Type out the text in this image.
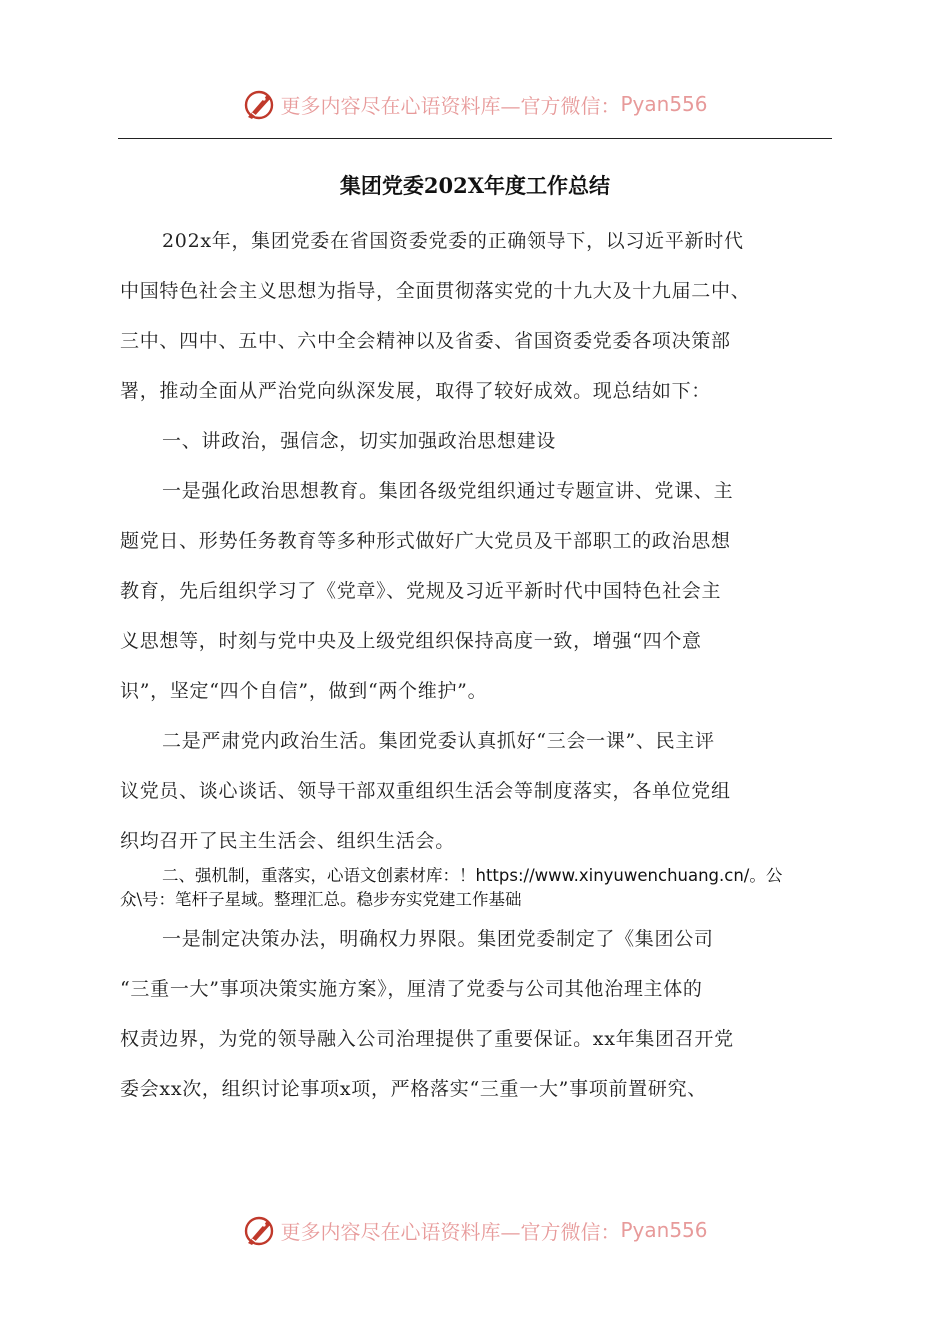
更多内容尽在心语资料库—官方微信： Pyan556
集团党委202X年度工作总结
202x年，集团党委在省国资委党委的正确领导下，以习近平新时代
中国特色社会主义思想为指导，全面贯彻落实党的十九大及十九届二中、
三中、四中、五中、六中全会精神以及省委、省国资委党委各项决策部
署，推动全面从严治党向纵深发展，取得了较好成效。现总结如下：
一、讲政治，强信念，切实加强政治思想建设
一是强化政治思想教育。集团各级党组织通过专题宣讲、党课、主
题党日、形势任务教育等多种形式做好广大党员及干部职工的政治思想
教育，先后组织学习了《党章》、党规及习近平新时代中国特色社会主
义思想等，时刻与党中央及上级党组织保持高度一致，增强“四个意
识”，坚定“四个自信”，做到“两个维护”。
二是严肃党内政治生活。集团党委认真抓好“三会一课”、民主评
议党员、谈心谈话、领导干部双重组织生活会等制度落实，各单位党组
织均召开了民主生活会、组织生活会。
二、强机制，重落实，心语文创素材库：！https://www.xinyuwenchuang.cn/。公
众\号：笔杆子星域。整理汇总。稳步夯实党建工作基础
一是制定决策办法，明确权力界限。集团党委制定了《集团公司
“三重一大”事项决策实施方案》，厘清了党委与公司其他治理主体的
权责边界，为党的领导融入公司治理提供了重要保证。xx年集团召开党
委会xx次，组织讨论事项x项，严格落实“三重一大”事项前置研究、
更多内容尽在心语资料库—官方微信： Pyan556
